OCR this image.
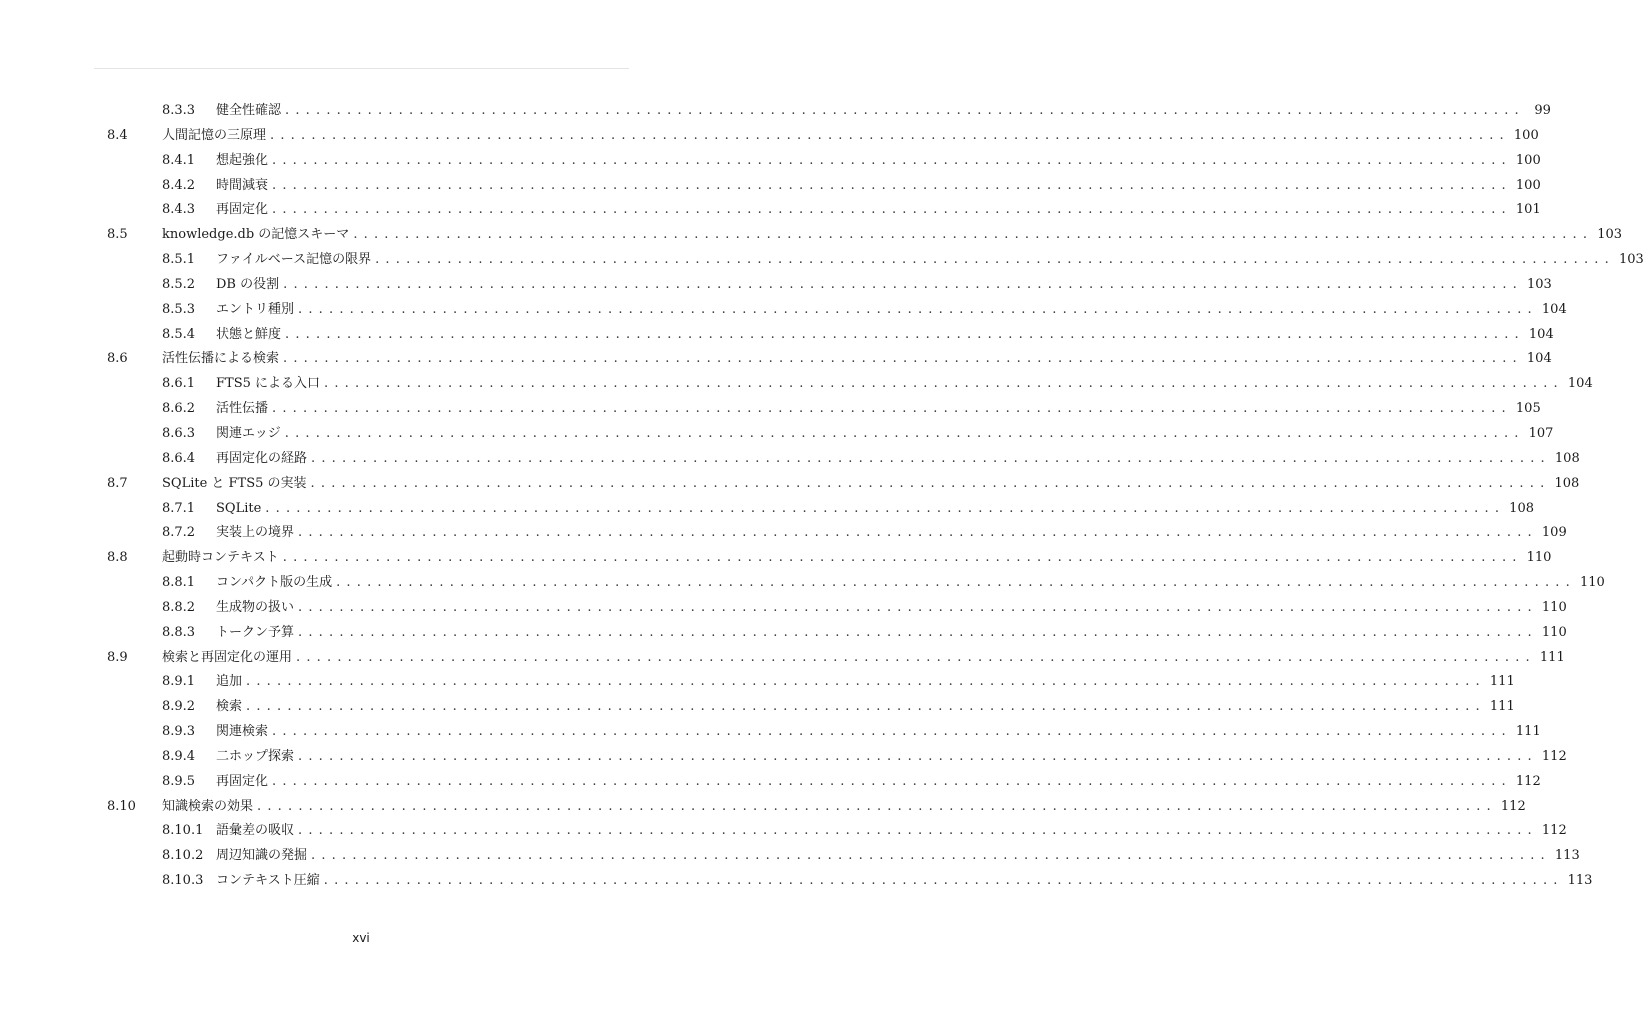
8.3.3 健全性確認 ........................................................................................................................ 99
8.4	人間記憶の三原理 ........................................................................................................................ 100
8.4.1 想起強化 ........................................................................................................................ 100
8.4.2 時間減衰 ........................................................................................................................ 100
8.4.3 再固定化 ........................................................................................................................ 101
8.5	knowledge.db の記憶スキーマ ........................................................................................................................ 103
8.5.1 ファイルベース記憶の限界 ........................................................................................................................ 103
8.5.2 DB の役割 ........................................................................................................................ 103
8.5.3 エントリ種別 ........................................................................................................................ 104
8.5.4 状態と鮮度 ........................................................................................................................ 104
8.6	活性伝播による検索 ........................................................................................................................ 104
8.6.1 FTS5 による入口 ........................................................................................................................ 104
8.6.2 活性伝播 ........................................................................................................................ 105
8.6.3 関連エッジ ........................................................................................................................ 107
8.6.4 再固定化の経路 ........................................................................................................................ 108
8.7	SQLite と FTS5 の実装 ........................................................................................................................ 108
8.7.1 SQLite ........................................................................................................................ 108
8.7.2 実装上の境界 ........................................................................................................................ 109
8.8	起動時コンテキスト ........................................................................................................................ 110
8.8.1 コンパクト版の生成 ........................................................................................................................ 110
8.8.2 生成物の扱い ........................................................................................................................ 110
8.8.3 トークン予算 ........................................................................................................................ 110
8.9	検索と再固定化の運用 ........................................................................................................................ 111
8.9.1 追加 ........................................................................................................................ 111
8.9.2 検索 ........................................................................................................................ 111
8.9.3 関連検索 ........................................................................................................................ 111
8.9.4 二ホップ探索 ........................................................................................................................ 112
8.9.5 再固定化 ........................................................................................................................ 112
8.10 知識検索の効果 ........................................................................................................................ 112
8.10.1 語彙差の吸収 ........................................................................................................................ 112
8.10.2 周辺知識の発掘 ........................................................................................................................ 113
8.10.3 コンテキスト圧縮 ........................................................................................................................ 113
xvi
